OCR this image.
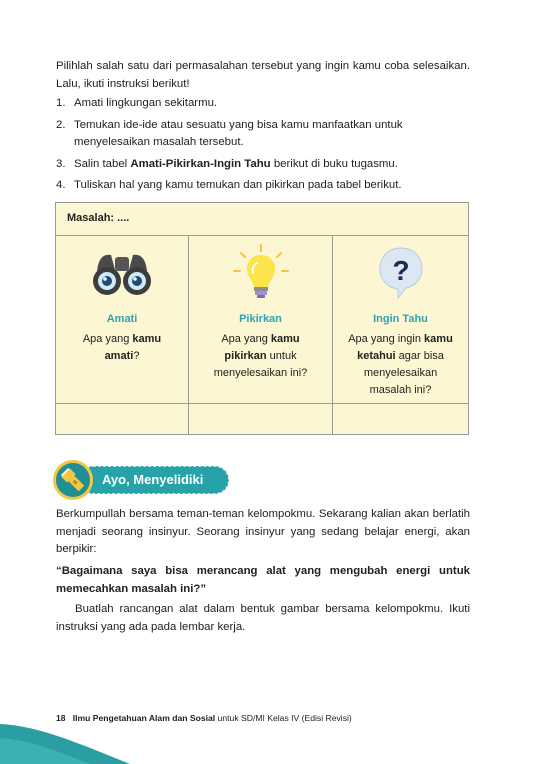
Pilihlah salah satu dari permasalahan tersebut yang ingin kamu coba selesaikan. Lalu, ikuti instruksi berikut!
1. Amati lingkungan sekitarmu.
2. Temukan ide-ide atau sesuatu yang bisa kamu manfaatkan untuk menyelesaikan masalah tersebut.
3. Salin tabel Amati-Pikirkan-Ingin Tahu berikut di buku tugasmu.
4. Tuliskan hal yang kamu temukan dan pikirkan pada tabel berikut.
Masalah: ....
Amati
Apa yang kamu amati?
Pikirkan
Apa yang kamu pikirkan untuk menyelesaikan ini?
?
Ingin Tahu
Apa yang ingin kamu ketahui agar bisa menyelesaikan masalah ini?
Ayo, Menyelidiki
Berkumpullah bersama teman-teman kelompokmu. Sekarang kalian akan berlatih menjadi seorang insinyur. Seorang insinyur yang sedang belajar energi, akan berpikir:
“Bagaimana saya bisa merancang alat yang mengubah energi untuk memecahkan masalah ini?”
Buatlah rancangan alat dalam bentuk gambar bersama kelompokmu. Ikuti instruksi yang ada pada lembar kerja.
18 Ilmu Pengetahuan Alam dan Sosial untuk SD/MI Kelas IV (Edisi Revisi)
